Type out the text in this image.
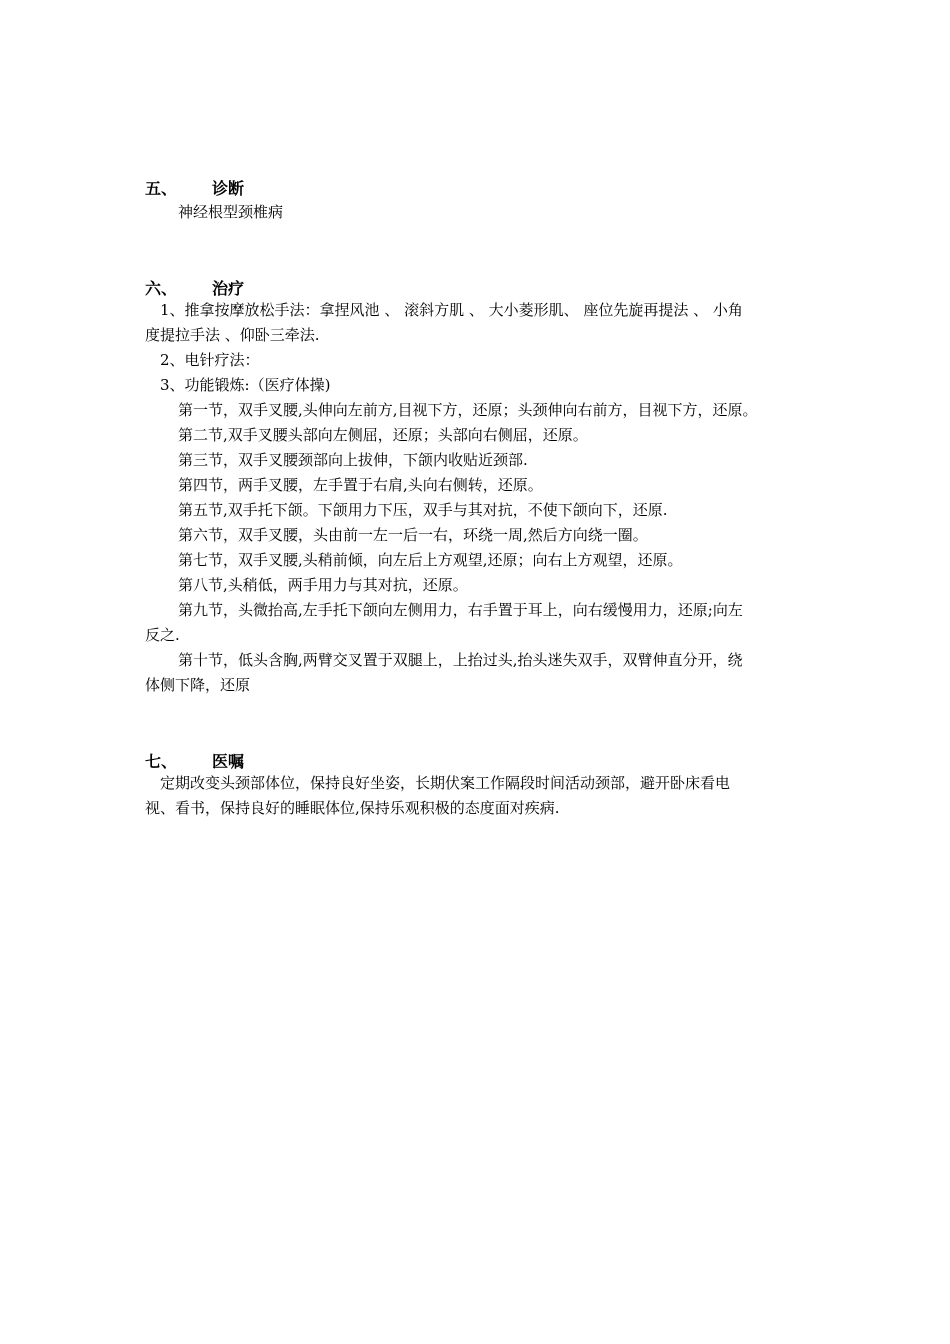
五、 诊断
神经根型颈椎病
六、 治疗
1、推拿按摩放松手法：拿捏风池 、 滚斜方肌 、 大小菱形肌、 座位先旋再提法 、 小角
度提拉手法 、仰卧三牵法.
2、电针疗法：
3、功能锻炼:（医疗体操)
第一节，双手叉腰,头伸向左前方,目视下方，还原；头颈伸向右前方，目视下方，还原。
第二节,双手叉腰头部向左侧屈，还原；头部向右侧屈，还原。
第三节，双手叉腰颈部向上拔伸，下颌内收贴近颈部.
第四节，两手叉腰，左手置于右肩,头向右侧转，还原。
第五节,双手托下颌。下颌用力下压，双手与其对抗，不使下颌向下，还原.
第六节，双手叉腰，头由前一左一后一右，环绕一周,然后方向绕一圈。
第七节，双手叉腰,头稍前倾，向左后上方观望,还原；向右上方观望，还原。
第八节,头稍低，两手用力与其对抗，还原。
第九节，头微抬高,左手托下颌向左侧用力，右手置于耳上，向右缓慢用力，还原;向左
反之.
第十节，低头含胸,两臂交叉置于双腿上，上抬过头,抬头迷失双手，双臂伸直分开，绕
体侧下降，还原
七、 医嘱
定期改变头颈部体位，保持良好坐姿，长期伏案工作隔段时间活动颈部，避开卧床看电
视、看书，保持良好的睡眠体位,保持乐观积极的态度面对疾病.
